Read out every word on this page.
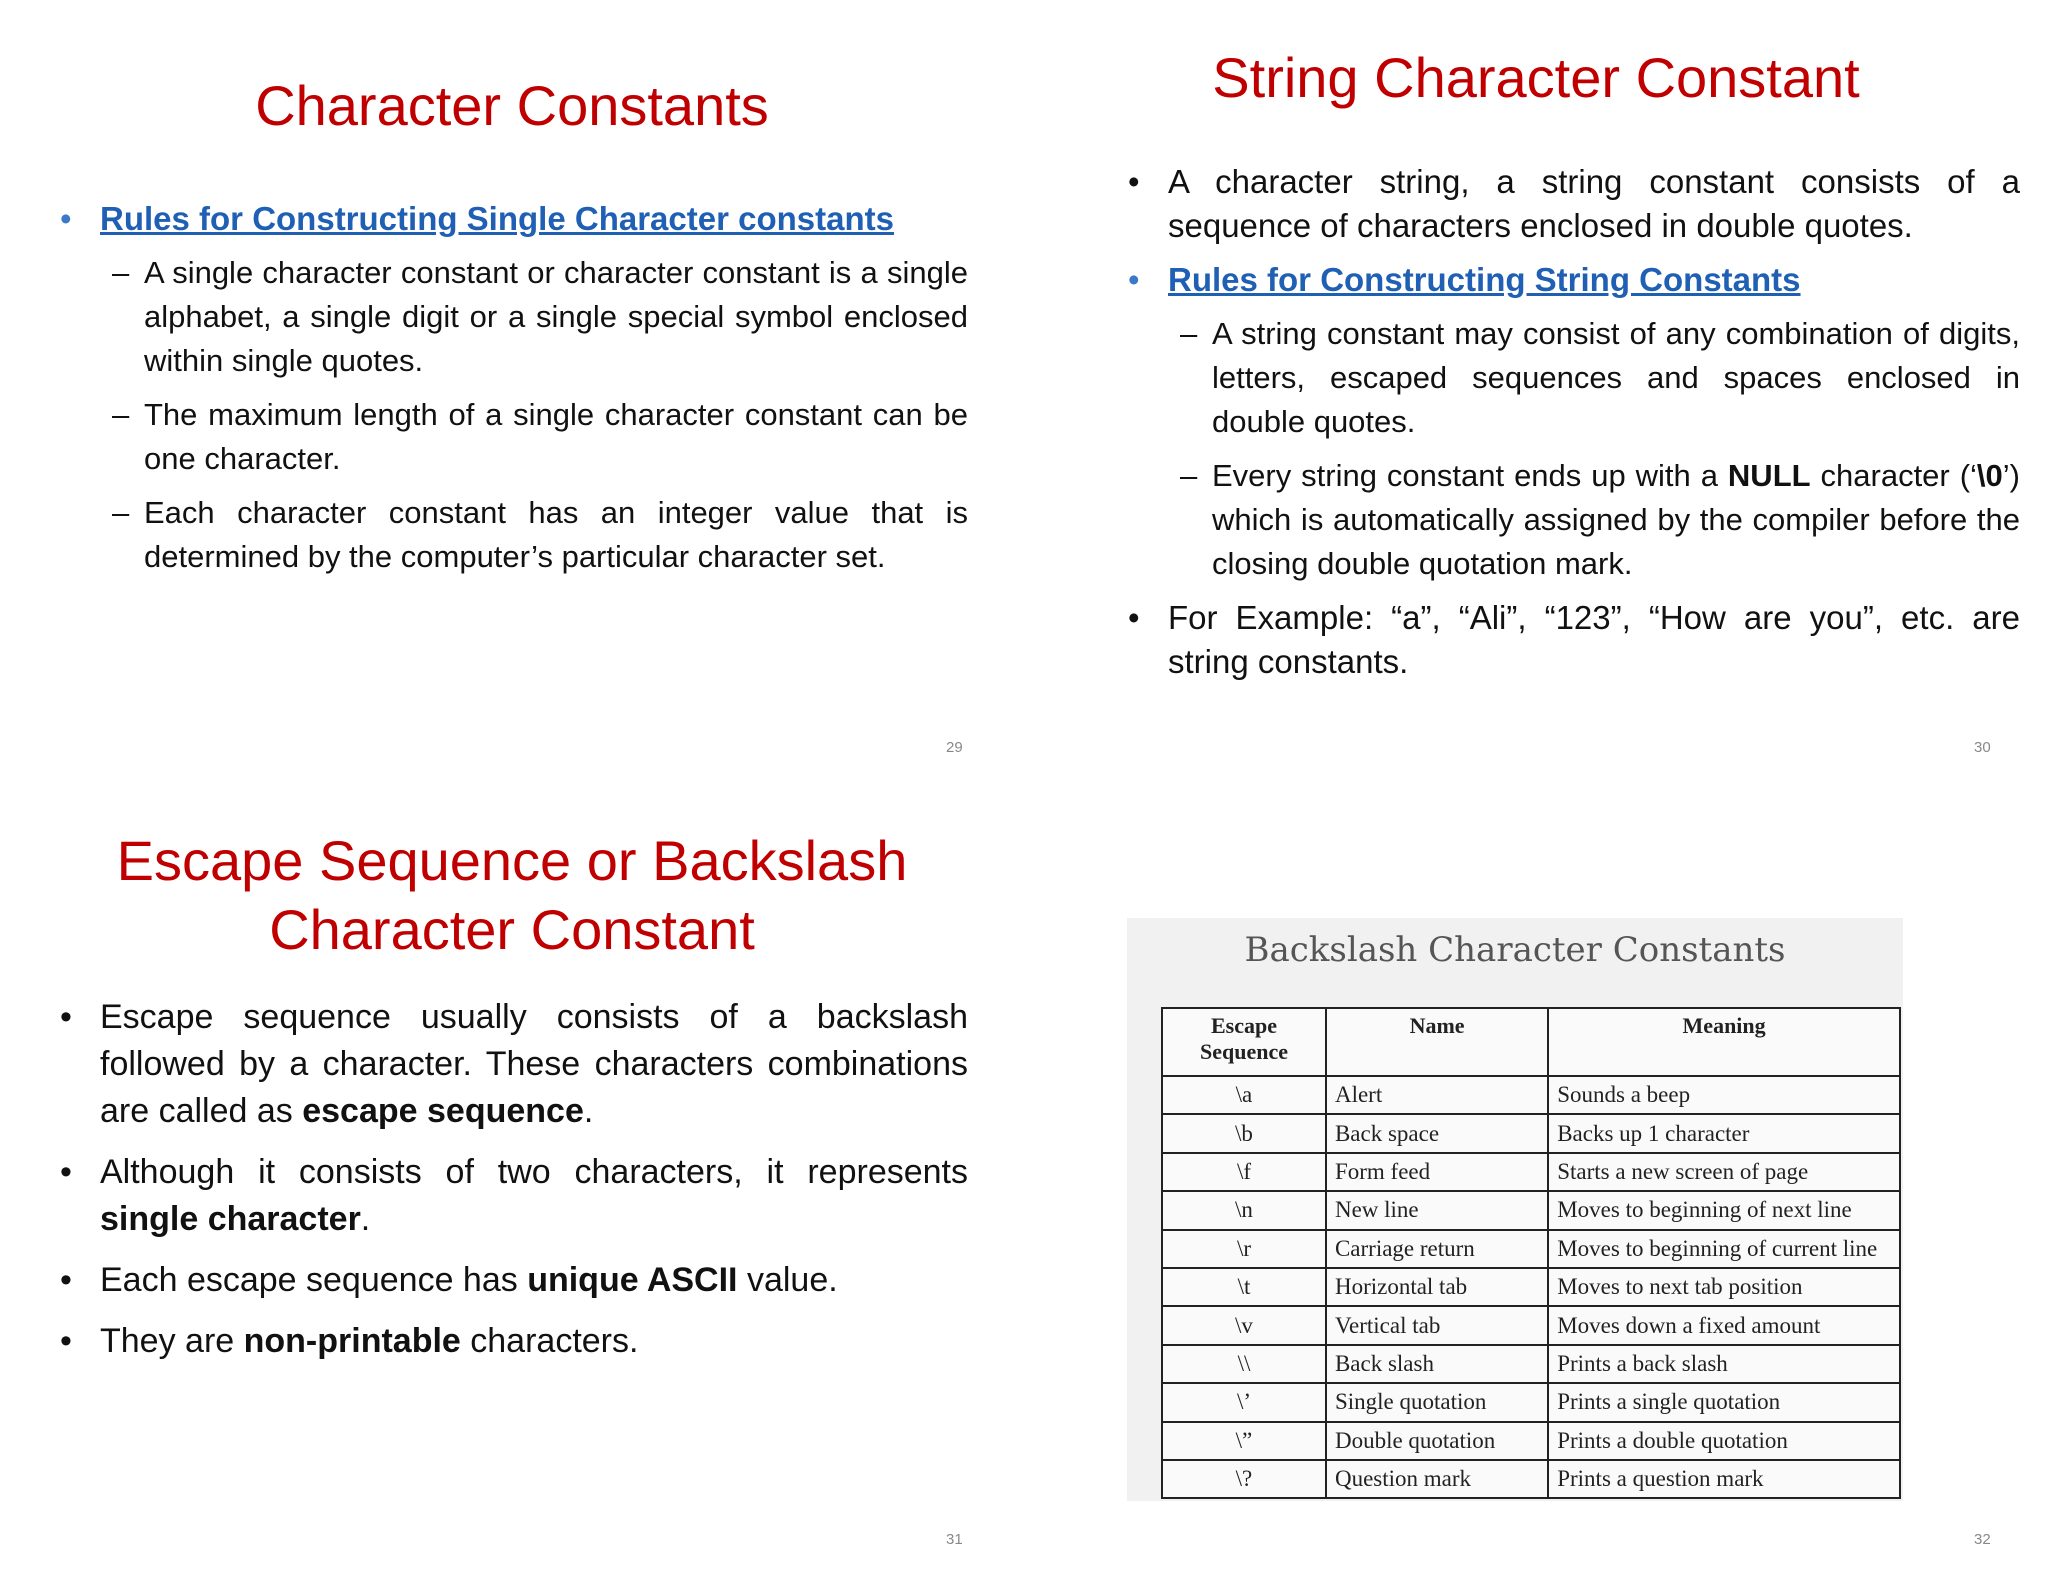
Character Constants
• Rules for Constructing Single Character constants
– A single character constant or character constant is a single alphabet, a single digit or a single special symbol enclosed within single quotes.
– The maximum length of a single character constant can be one character.
– Each character constant has an integer value that is determined by the computer’s particular character set.
29
String Character Constant
• A character string, a string constant consists of a sequence of characters enclosed in double quotes.
• Rules for Constructing String Constants
– A string constant may consist of any combination of digits, letters, escaped sequences and spaces enclosed in double quotes.
– Every string constant ends up with a NULL character (‘\0’) which is automatically assigned by the compiler before the closing double quotation mark.
• For Example: “a”, “Ali”, “123”, “How are you”, etc. are string constants.
30
Escape Sequence or Backslash
Character Constant
• Escape sequence usually consists of a backslash followed by a character. These characters combinations are called as escape sequence.
• Although it consists of two characters, it represents single character.
• Each escape sequence has unique ASCII value.
• They are non-printable characters.
31
Backslash Character Constants
Escape
Sequence	Name	Meaning
\a	Alert	Sounds a beep
\b	Back space	Backs up 1 character
\f	Form feed	Starts a new screen of page
\n	New line	Moves to beginning of next line
\r	Carriage return	Moves to beginning of current line
\t	Horizontal tab	Moves to next tab position
\v	Vertical tab	Moves down a fixed amount
\\	Back slash	Prints a back slash
\’	Single quotation	Prints a single quotation
\”	Double quotation	Prints a double quotation
\?	Question mark	Prints a question mark
32
